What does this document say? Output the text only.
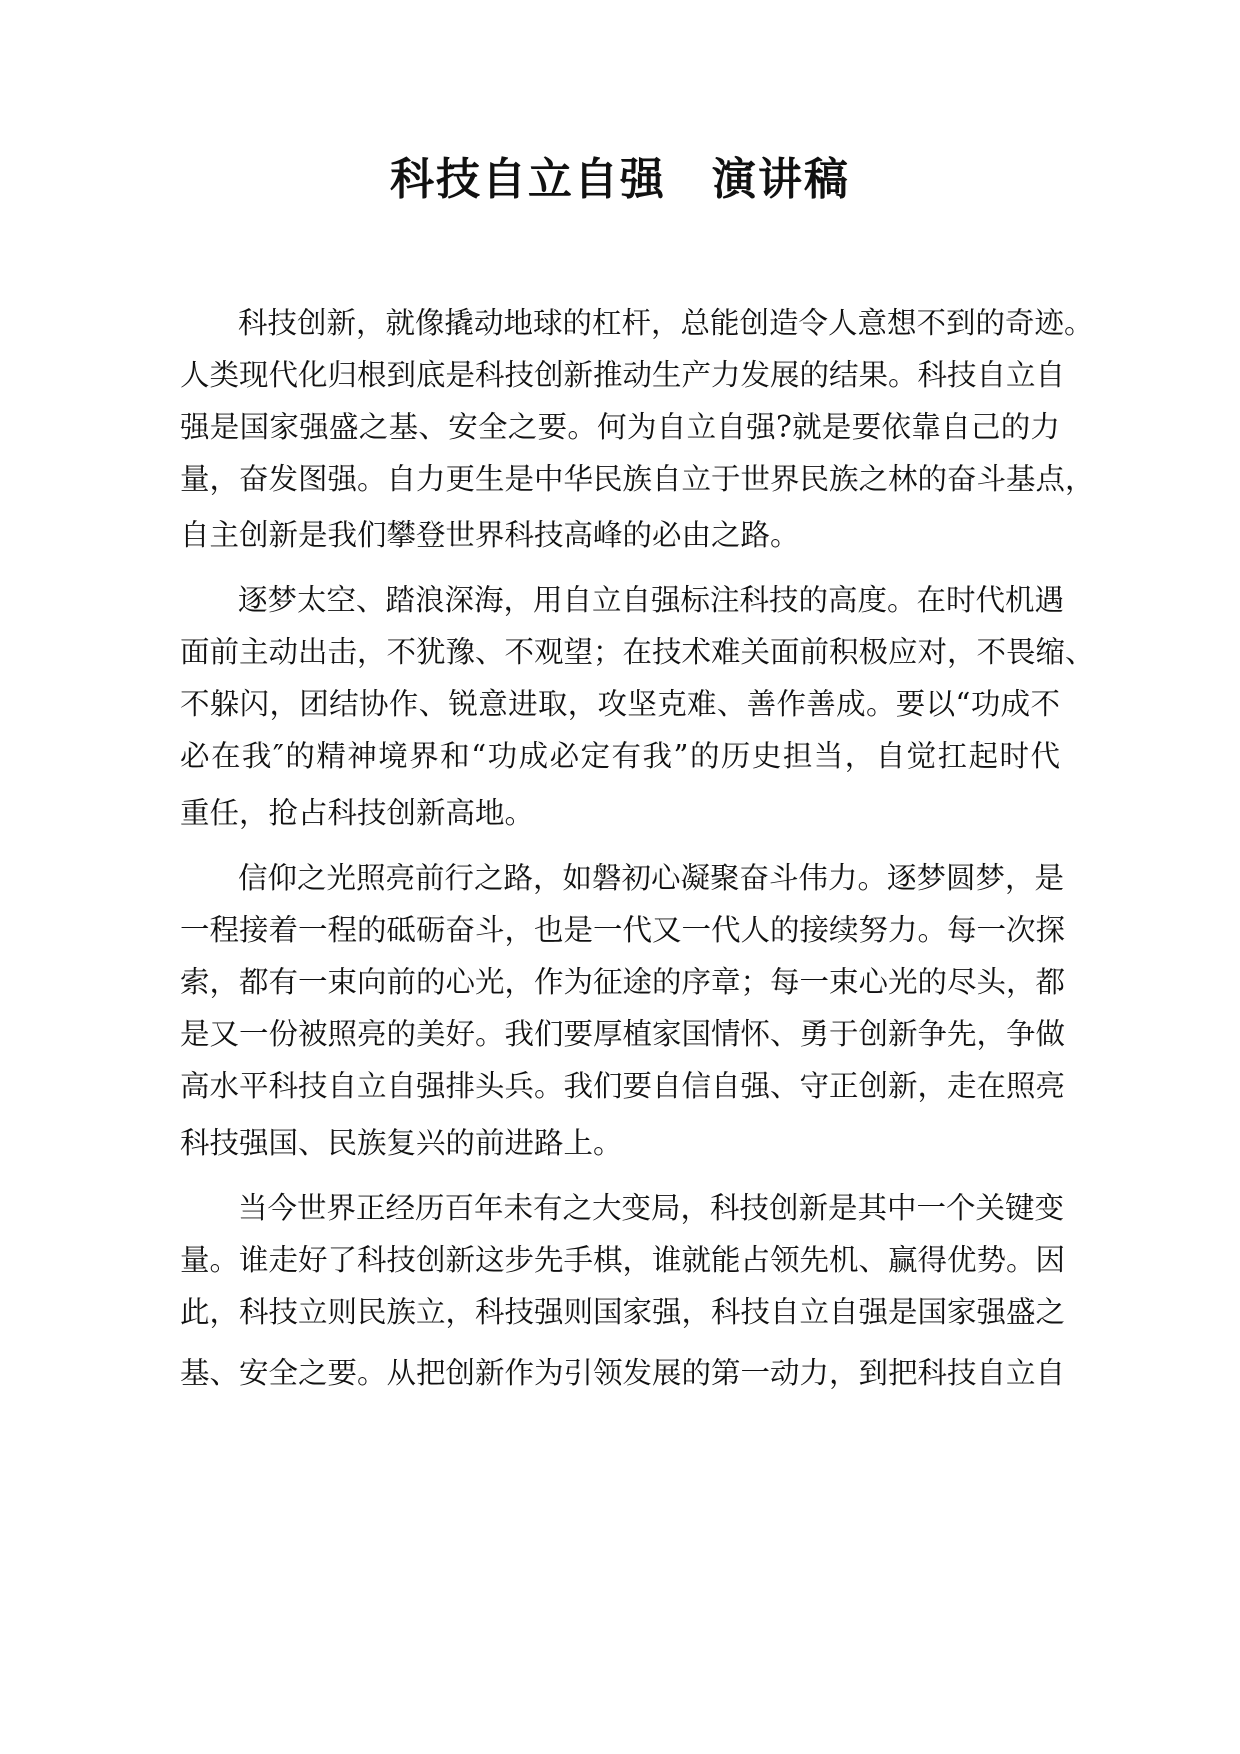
科技自立自强　演讲稿
科技创新，就像撬动地球的杠杆，总能创造令人意想不到的奇迹。
人类现代化归根到底是科技创新推动生产力发展的结果。科技自立自
强是国家强盛之基、安全之要。何为自立自强?就是要依靠自己的力
量，奋发图强。自力更生是中华民族自立于世界民族之林的奋斗基点，
自主创新是我们攀登世界科技高峰的必由之路。
逐梦太空、踏浪深海，用自立自强标注科技的高度。在时代机遇
面前主动出击，不犹豫、不观望；在技术难关面前积极应对，不畏缩、
不躲闪，团结协作、锐意进取，攻坚克难、善作善成。要以“功成不
必在我″的精神境界和“功成必定有我”的历史担当，自觉扛起时代
重任，抢占科技创新高地。
信仰之光照亮前行之路，如磐初心凝聚奋斗伟力。逐梦圆梦，是
一程接着一程的砥砺奋斗，也是一代又一代人的接续努力。每一次探
索，都有一束向前的心光，作为征途的序章；每一束心光的尽头，都
是又一份被照亮的美好。我们要厚植家国情怀、勇于创新争先，争做
高水平科技自立自强排头兵。我们要自信自强、守正创新，走在照亮
科技强国、民族复兴的前进路上。
当今世界正经历百年未有之大变局，科技创新是其中一个关键变
量。谁走好了科技创新这步先手棋，谁就能占领先机、赢得优势。因
此，科技立则民族立，科技强则国家强，科技自立自强是国家强盛之
基、安全之要。从把创新作为引领发展的第一动力，到把科技自立自
